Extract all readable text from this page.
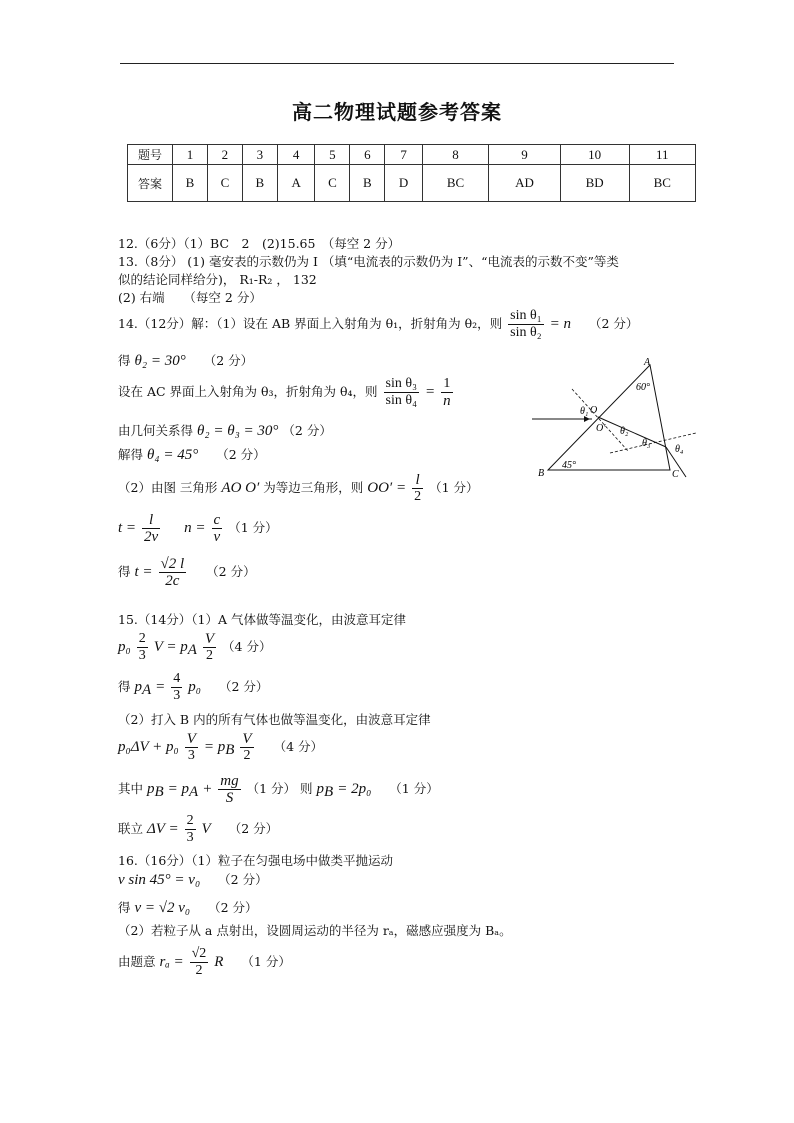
高二物理试题参考答案
题号	1	2	3	4	5	6	7	8	9	10	11
答案	B	C	B	A	C	B	D	BC	AD	BD	BC
12.（6分）（1）BC　2　(2)15.65　（每空 2 分）
13.（8分） (1) 毫安表的示数仍为 I （填“电流表的示数仍为 I”、“电流表的示数不变”等类
似的结论同样给分)， R₁-R₂ ， 132
(2) 右端　　（每空 2 分）
14.（12分）解：（1）设在 AB 界面上入射角为 θ₁，折射角为 θ₂，则 $\frac{\text{sin θ₁}}{\text{sin θ₂}} = n$ （2 分）
得 θ₂ = 30° （2 分）
设在 AC 界面上入射角为 θ₃，折射角为 θ₄，则 $\frac{\text{sin θ₃}}{\text{sin θ₄}} = \frac{1}{n}$
由几何关系得 θ₂ = θ₃ = 30° （2 分）
解得 θ₄ = 45° （2 分）
（2）由图 三角形 AO O′ 为等边三角形，则 $OO' = \frac{l}{2} (1$ 分）
$t = \frac{l}{2v}$ $n = \frac{c}{v} (1$ 分）
得 $t = \frac{√2 l}{2c} (2$ 分）
A
B	C
O
O′
60°
45°
θ₁
θ₂
θ₃
θ₄
15.（14分）（1）A 气体做等温变化，由波意耳定律
$p_0 \frac{2}{3}$ V = pA $\frac{V}{2} (4$ 分）
得 pA = $\frac{4}{3} p_0$ （2 分）
（2）打入 B 内的所有气体也做等温变化，由波意耳定律
$p_0\Delta V + p_0 \frac{V}{3}$ = pB $\frac{V}{2} (4$ 分）
其中 pB = pA + $\frac{mg}{S} (1$ 分） 则 pB = 2p₀ （1 分）
联立 $\Delta V = \frac{2}{3}$ V （2 分）
16.（16分）（1）粒子在匀强电场中做类平抛运动
v sin 45° = v₀ （2 分）
得 v = √2 v₀ （2 分）
（2）若粒子从 a 点射出，设圆周运动的半径为 rₐ，磁感应强度为 Bₐ。
由题意 $r_a = \frac{√2}{2}$ R （1 分）
